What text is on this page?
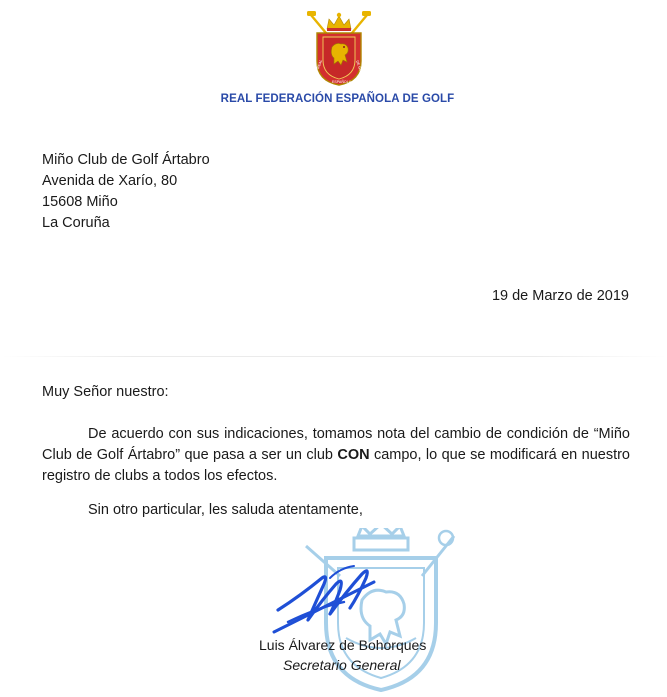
REAL
ESPAÑOLA
DE GOLF
REAL FEDERACIÓN ESPAÑOLA DE GOLF
Miño Club de Golf Ártabro
Avenida de Xarío, 80
15608 Miño
La Coruña
19 de Marzo de 2019
Muy Señor nuestro:
De acuerdo con sus indicaciones, tomamos nota del cambio de condición de “Miño Club de Golf Ártabro” que pasa a ser un club CON campo, lo que se modificará en nuestro registro de clubs a todos los efectos.
Sin otro particular, les saluda atentamente,
Luis Álvarez de Bohorques
Secretario General
